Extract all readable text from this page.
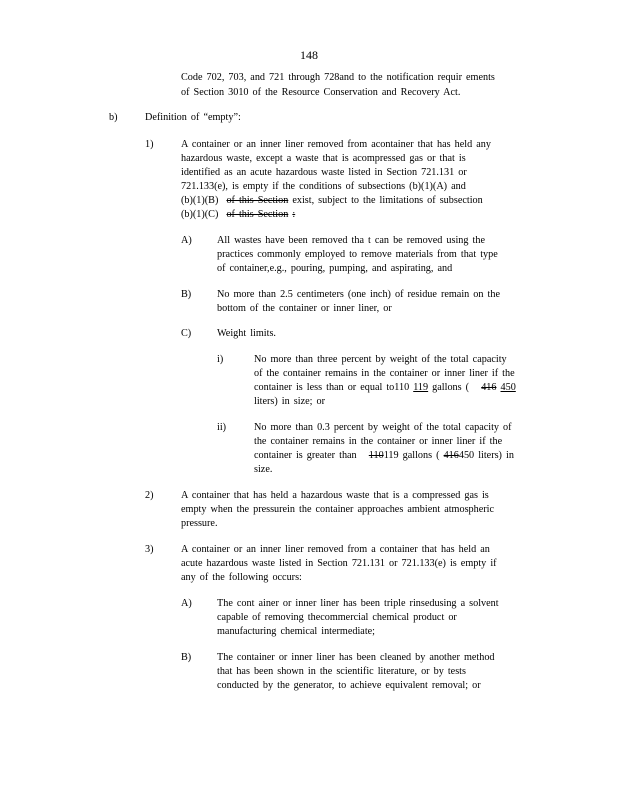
148
Code 702, 703, and 721 through 728and to the notification requir ements
of Section 3010 of the Resource Conservation and Recovery Act.
b)	Definition of “empty”:
1)	A container or an inner liner removed from acontainer that has held any
hazardous waste, except a waste that is acompressed gas or that is
identified as an acute hazardous waste listed in Section 721.131 or
721.133(e), is empty if the conditions of subsections (b)(1)(A) and
(b)(1)(B) of this Section exist, subject to the limitations of subsection
(b)(1)(C) of this Section :
A) All wastes have been removed tha t can be removed using the
practices commonly employed to remove materials from that type
of container,e.g., pouring, pumping, and aspirating, and
B)	No more than 2.5 centimeters (one inch) of residue remain on the
bottom of the container or inner liner, or
C)	Weight limits.
i)	No more than three percent by weight of the total capacity
of the container remains in the container or inner liner if the
container is less than or equal to110 119 gallons ( 416 450
liters) in size; or
ii)	No more than 0.3 percent by weight of the total capacity of
the container remains in the container or inner liner if the
container is greater than 110119 gallons ( 416450 liters) in
size.
2)	A container that has held a hazardous waste that is a compressed gas is
empty when the pressurein the container approaches ambient atmospheric
pressure.
3)	A container or an inner liner removed from a container that has held an
acute hazardous waste listed in Section 721.131 or 721.133(e) is empty if
any of the following occurs:
A) The cont ainer or inner liner has been triple rinsedusing a solvent
capable of removing thecommercial chemical product or
manufacturing chemical intermediate;
B)	The container or inner liner has been cleaned by another method
that has been shown in the scientific literature, or by tests
conducted by the generator, to achieve equivalent removal; or
